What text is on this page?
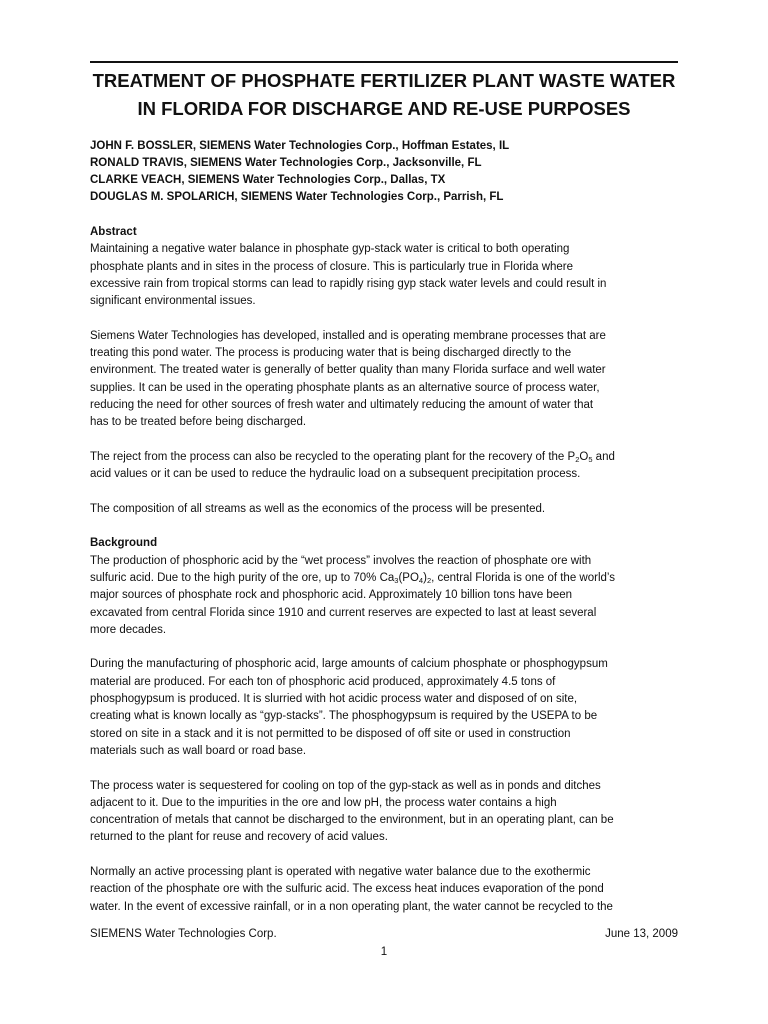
TREATMENT OF PHOSPHATE FERTILIZER PLANT WASTE WATER
IN FLORIDA FOR DISCHARGE AND RE-USE PURPOSES
JOHN F. BOSSLER, SIEMENS Water Technologies Corp., Hoffman Estates, IL
RONALD TRAVIS, SIEMENS Water Technologies Corp., Jacksonville, FL
CLARKE VEACH, SIEMENS Water Technologies Corp., Dallas, TX
DOUGLAS M. SPOLARICH, SIEMENS Water Technologies Corp., Parrish, FL
Abstract
Maintaining a negative water balance in phosphate gyp-stack water is critical to both operating
phosphate plants and in sites in the process of closure. This is particularly true in Florida where
excessive rain from tropical storms can lead to rapidly rising gyp stack water levels and could result in
significant environmental issues.
Siemens Water Technologies has developed, installed and is operating membrane processes that are
treating this pond water. The process is producing water that is being discharged directly to the
environment. The treated water is generally of better quality than many Florida surface and well water
supplies. It can be used in the operating phosphate plants as an alternative source of process water,
reducing the need for other sources of fresh water and ultimately reducing the amount of water that
has to be treated before being discharged.
The reject from the process can also be recycled to the operating plant for the recovery of the $P_2O_5$ and
acid values or it can be used to reduce the hydraulic load on a subsequent precipitation process.
The composition of all streams as well as the economics of the process will be presented.
Background
The production of phosphoric acid by the “wet process” involves the reaction of phosphate ore with
sulfuric acid. Due to the high purity of the ore, up to 70% $Ca_3(PO_4)_2$, central Florida is one of the world’s
major sources of phosphate rock and phosphoric acid. Approximately 10 billion tons have been
excavated from central Florida since 1910 and current reserves are expected to last at least several
more decades.
During the manufacturing of phosphoric acid, large amounts of calcium phosphate or phosphogypsum
material are produced. For each ton of phosphoric acid produced, approximately 4.5 tons of
phosphogypsum is produced. It is slurried with hot acidic process water and disposed of on site,
creating what is known locally as “gyp-stacks”. The phosphogypsum is required by the USEPA to be
stored on site in a stack and it is not permitted to be disposed of off site or used in construction
materials such as wall board or road base.
The process water is sequestered for cooling on top of the gyp-stack as well as in ponds and ditches
adjacent to it. Due to the impurities in the ore and low pH, the process water contains a high
concentration of metals that cannot be discharged to the environment, but in an operating plant, can be
returned to the plant for reuse and recovery of acid values.
Normally an active processing plant is operated with negative water balance due to the exothermic
reaction of the phosphate ore with the sulfuric acid. The excess heat induces evaporation of the pond
water. In the event of excessive rainfall, or in a non operating plant, the water cannot be recycled to the
SIEMENS Water Technologies Corp.	June 13, 2009
1
